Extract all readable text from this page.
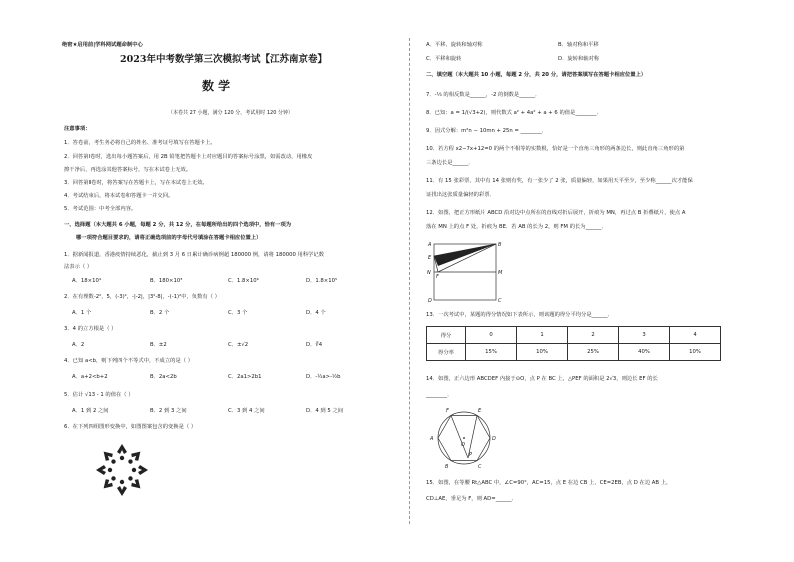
绝密★启用前|学科网试题命制中心
2023年中考数学第三次模拟考试【江苏南京卷】
数 学
（本卷共 27 小题，满分 120 分，考试用时 120 分钟）
注意事项：
1．答卷前，考生务必将自己的姓名、准考证号填写在答题卡上。
2．回答第Ⅰ卷时，选出每小题答案后，用 2B 铅笔把答题卡上对应题目的答案标号涂黑，如需改动，用橡皮
擦干净后，再选涂其他答案标号，写在本试卷上无效。
3．回答第Ⅱ卷时，将答案写在答题卡上，写在本试卷上无效。
4．考试结束后，将本试卷和答题卡一并交回。
5．考试范围：中考全部内容。
一、选择题（本大题共 6 小题，每题 2 分，共 12 分，在每题所给出的四个选项中，恰有一项为
哪一项符合题目要求的，请将正确选项前的字母代号填涂在答题卡相应位置上）
1．据新闻报道，香港疫情持续恶化，截止到 3 月 6 日累计确诊病例超 180000 例，请将 180000 用科学记数
法表示（ ）
A．18×10⁴	B．180×10³	C．1.8×10⁶	D．1.8×10⁵
2．在有理数-2²，5，(-3)²，-|-2|，|3²-8|，-(-1)²中，负数有（ ）
A．1 个	B．2 个	C．3 个	D．4 个
3．4 的立方根是（ ）
A．2	B．±2	C．±√2	D．∛4
4．已知 a<b，则下列四个不等式中，不成立的是（ ）
A．a+2<b+2	B．2a<2b	C．2a1>2b1	D．-½a>-½b
5．估计 √13 - 1 的值在（ ）
A．1 到 2 之间	B．2 到 3 之间	C．3 到 4 之间	D．4 到 5 之间
6．在下列四组图形变换中，如图图案包含的变换是（ ）
A．平移、旋转和轴对称	B．轴对称和平移
C．平移和旋转	D．旋转和轴对称
二、填空题（本大题共 10 小题，每题 2 分，共 20 分，请把答案填写在答题卡相应位置上）
7．-⅓ 的相反数是______，-2 的倒数是______．
8．已知：a = 1/(√3+2)，则代数式 a² + 4a² + a + 6 的值是________．
9．因式分解：m²n − 10mn + 25n = ________．
10．若方程 x2−7x+12=0 的两个不相等的实数根，恰好是一个直角三角形的两条边长，则此直角三角形的第
三条边长是______．
11．有 15 张彩票，其中有 14 张则有奖，有一张少了 2 张，质量偏轻，如果用天平至少，至少称______次才能保
证找出这张质量偏轻的彩票．
12．如图，把正方形纸片 ABCD 沿对边中点所在的直线对折后展开，折痕为 MN，再过点 B 折叠纸片，使点 A
落在 MN 上的点 F 处，折痕为 BE．若 AB 的长为 2，则 FM 的长为______．
13．一次考试中，某题的得分情况如下表所示，则该题的得分平均分是______．
14．如图，正六边形 ABCDEF 内接于⊙O，点 P 在 BC 上，△PEF 的面积是 2√3，则边长 EF 的长
________．
15．如图，在等腰 Rt△ABC 中，∠C=90°，AC=15，点 E 在边 CB 上，CE=2EB，点 D 在边 AB 上，
CD⊥AE，垂足为 F，则 AD=______．
A	B
C
D
E
F
M
N
得分	0	1	2	3	4
得分率	15%	10%	25%	40%	10%
A
B	C
D
E
F
O
P
